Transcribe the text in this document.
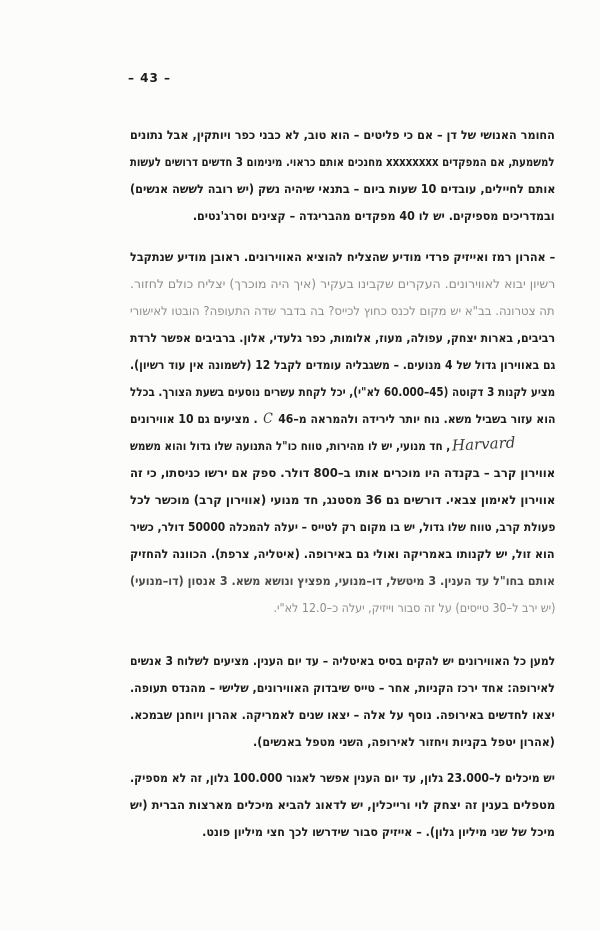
– 43 –
החומר האנושי של דן – אם כי פליטים – הוא טוב, לא כבני כפר ויותקין, אבל נתונים
למשמעת, אם המפקדים xxxxxxxx מחנכים אותם כראוי. מינימום 3 חדשים דרושים לעשות
אותם לחיילים, עובדים 10 שעות ביום – בתנאי שיהיה נשק (יש רובה לששה אנשים)
ובמדריכים מספיקים. יש לו 40 מפקדים מהבריגדה – קצינים וסרג'נטים.
– אהרון רמז ואייזיק פרדי מודיע שהצליח להוציא האווירונים. ראובן מודיע שנתקבל
רשיון יבוא לאווירונים. העקרים שקבינו בעקיר (איך היה מוכרך) יצליח כולם לחזור.
תה צטרונה. בב"א יש מקום לכנס כחוץ לכייס? בה בדבר שדה התעופה? הובטו לאישורי
רביבים, בארות יצחק, עפולה, מעוז, אלומות, כפר גלעדי, אלון. ברביבים אפשר לרדת
גם באווירון גדול של 4 מנועים. – משגבליה עומדים לקבל 12 (לשמונה אין עוד רשיון).
מציע לקנות 3 דקוטה (45–60.000 לא"י), יכל לקחת עשרים נוסעים בשעת הצורך. בכלל
הוא עזור בשביל משא. נוח יותר לירידה ולהמראה מ–46C. מציעים גם 10 אווירונים
Harvard
, חד מנועי, יש לו מהירות, טווח כו"ל התנועה שלו גדול והוא משמש
אווירון קרב – בקנדה היו מוכרים אותו ב–800 דולר. ספק אם ירשו כניסתו, כי זה
אווירון לאימון צבאי. דורשים גם 36 מסטנג, חד מנועי (אווירון קרב) מוכשר לכל
פעולת קרב, טווח שלו גדול, יש בו מקום רק לטייס – יעלה להמכלה 50000 דולר, כשיר
הוא זול, יש לקנותו באמריקה ואולי גם באירופה. (איטליה, צרפת). הכוונה להחזיק
אותם בחו"ל עד הענין. 3 מיטשל, דו–מנועי, מפציץ ונושא משא. 3 אנסון (דו–מנועי)
(יש ירב ל–30 טייסים) על זה סבור וייזיק, יעלה כ–12.0 לא"י.
למען כל האווירונים יש להקים בסיס באיטליה – עד יום הענין. מציעים לשלוח 3 אנשים
לאירופה: אחד ירכז הקניות, אחר – טייס שיבדוק האווירונים, שלישי – מהנדס תעופה.
יצאו לחדשים באירופה. נוסף על אלה – יצאו שנים לאמריקה. אהרון ויוחנן שבמכא.
(אהרון יטפל בקניות ויחזור לאירופה, השני מטפל באנשים).
יש מיכלים ל–23.000 גלון, עד יום הענין אפשר לאגור 100.000 גלון, זה לא מספיק.
מטפלים בענין זה יצחק לוי ורייכלין, יש לדאוג להביא מיכלים מארצות הברית (יש
מיכל של שני מיליון גלון). – אייזיק סבור שידרשו לכך חצי מיליון פונט.
